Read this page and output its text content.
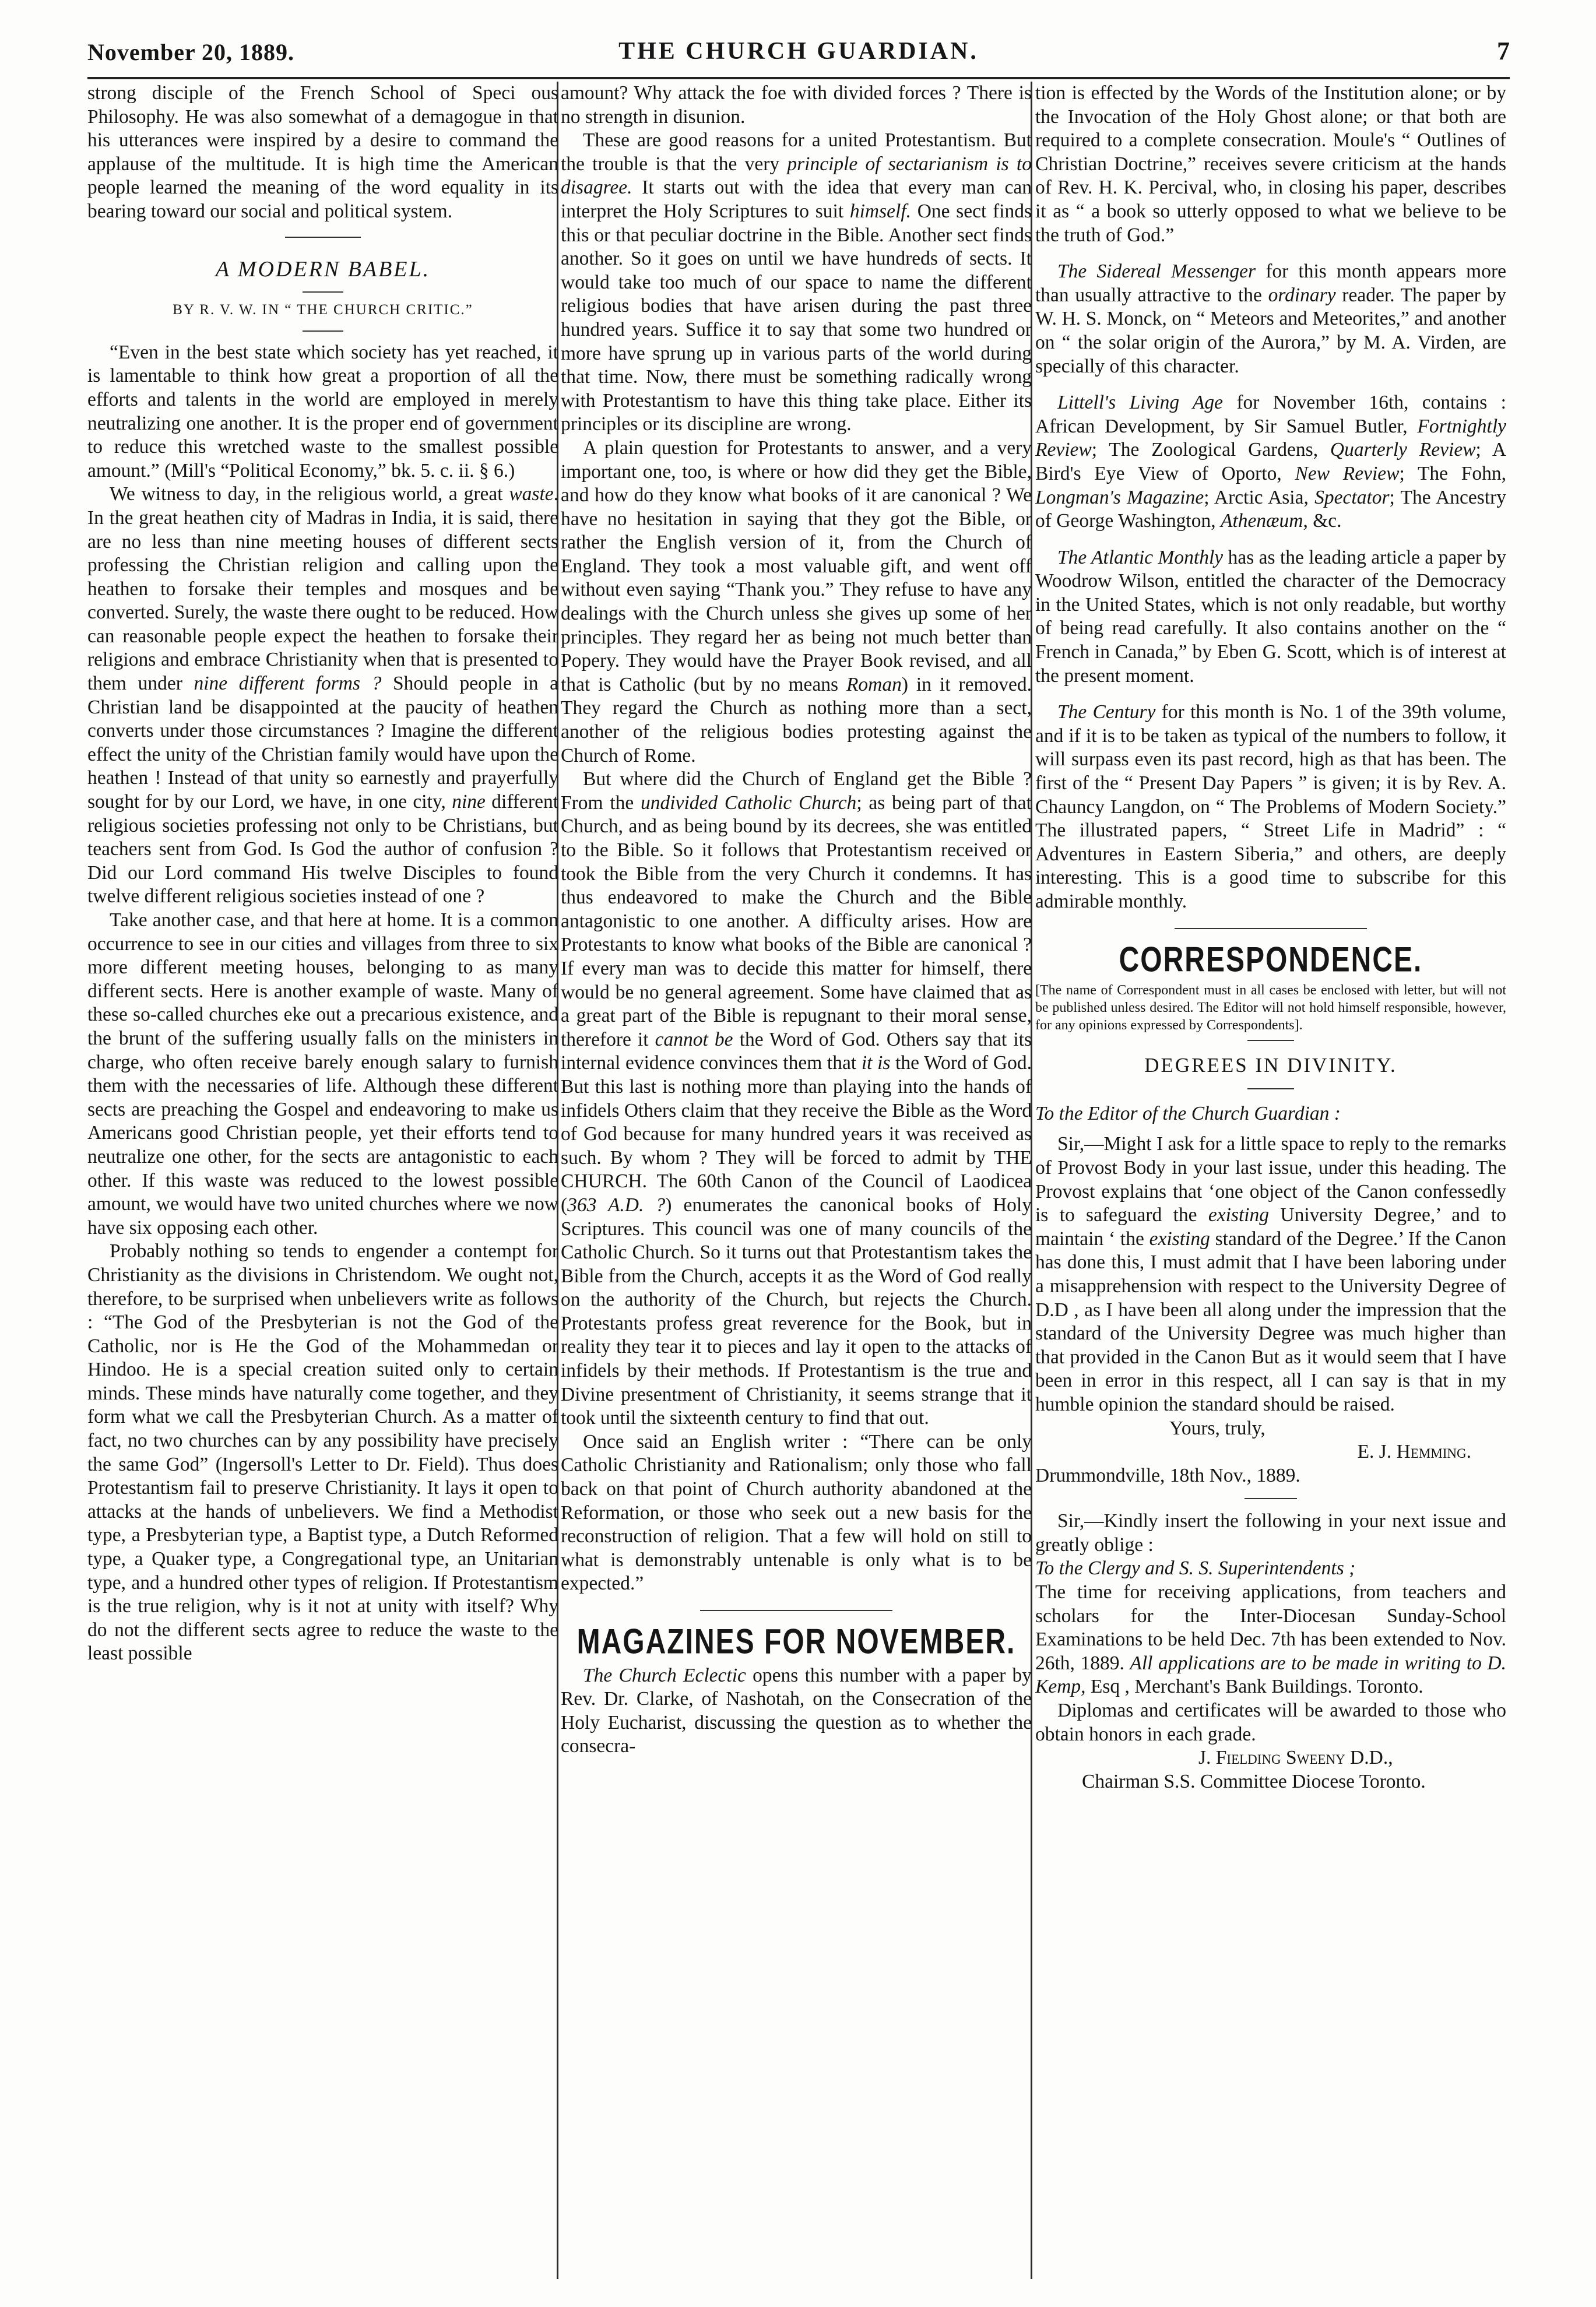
November 20, 1889.	THE CHURCH GUARDIAN.	7

strong disciple of the French School of Speci ous Philosophy. He was also somewhat of a demagogue in that his utterances were inspired by a desire to command the applause of the multitude. It is high time the American people learned the meaning of the word equality in its bearing toward our social and political system.

A MODERN BABEL.
BY R. V. W. IN “ THE CHURCH CRITIC.”

“Even in the best state which society has yet reached, it is lamentable to think how great a proportion of all the efforts and talents in the world are employed in merely neutralizing one another. It is the proper end of government to reduce this wretched waste to the smallest possible amount.” (Mill's “Political Economy,” bk. 5. c. ii. § 6.)

We witness to day, in the religious world, a great waste. In the great heathen city of Madras in India, it is said, there are no less than nine meeting houses of different sects professing the Christian religion and calling upon the heathen to forsake their temples and mosques and be converted. Surely, the waste there ought to be reduced. How can reasonable people expect the heathen to forsake their religions and embrace Christianity when that is presented to them under nine different forms ? Should people in a Christian land be disappointed at the paucity of heathen converts under those circumstances ? Imagine the different effect the unity of the Christian family would have upon the heathen ! Instead of that unity so earnestly and prayerfully sought for by our Lord, we have, in one city, nine different religious societies professing not only to be Christians, but teachers sent from God. Is God the author of confusion ? Did our Lord command His twelve Disciples to found twelve different religious societies instead of one ?

Take another case, and that here at home. It is a common occurrence to see in our cities and villages from three to six more different meeting houses, belonging to as many different sects. Here is another example of waste. Many of these so-called churches eke out a precarious existence, and the brunt of the suffering usually falls on the ministers in charge, who often receive barely enough salary to furnish them with the necessaries of life. Although these different sects are preaching the Gospel and endeavoring to make us Americans good Christian people, yet their efforts tend to neutralize one other, for the sects are antagonistic to each other. If this waste was reduced to the lowest possible amount, we would have two united churches where we now have six opposing each other.

Probably nothing so tends to engender a contempt for Christianity as the divisions in Christendom. We ought not, therefore, to be surprised when unbelievers write as follows : “The God of the Presbyterian is not the God of the Catholic, nor is He the God of the Mohammedan or Hindoo. He is a special creation suited only to certain minds. These minds have naturally come together, and they form what we call the Presbyterian Church. As a matter of fact, no two churches can by any possibility have precisely the same God” (Ingersoll's Letter to Dr. Field). Thus does Protestantism fail to preserve Christianity. It lays it open to attacks at the hands of unbelievers. We find a Methodist type, a Presbyterian type, a Baptist type, a Dutch Reformed type, a Quaker type, a Congregational type, an Unitarian type, and a hundred other types of religion. If Protestantism is the true religion, why is it not at unity with itself? Why do not the different sects agree to reduce the waste to the least possible

amount? Why attack the foe with divided forces ? There is no strength in disunion.

These are good reasons for a united Protestantism. But the trouble is that the very principle of sectarianism is to disagree. It starts out with the idea that every man can interpret the Holy Scriptures to suit himself. One sect finds this or that peculiar doctrine in the Bible. Another sect finds another. So it goes on until we have hundreds of sects. It would take too much of our space to name the different religious bodies that have arisen during the past three hundred years. Suffice it to say that some two hundred or more have sprung up in various parts of the world during that time. Now, there must be something radically wrong with Protestantism to have this thing take place. Either its principles or its discipline are wrong.

A plain question for Protestants to answer, and a very important one, too, is where or how did they get the Bible, and how do they know what books of it are canonical ? We have no hesitation in saying that they got the Bible, or rather the English version of it, from the Church of England. They took a most valuable gift, and went off without even saying “Thank you.” They refuse to have any dealings with the Church unless she gives up some of her principles. They regard her as being not much better than Popery. They would have the Prayer Book revised, and all that is Catholic (but by no means Roman) in it removed. They regard the Church as nothing more than a sect, another of the religious bodies protesting against the Church of Rome.

But where did the Church of England get the Bible ? From the undivided Catholic Church; as being part of that Church, and as being bound by its decrees, she was entitled to the Bible. So it follows that Protestantism received or took the Bible from the very Church it condemns. It has thus endeavored to make the Church and the Bible antagonistic to one another. A difficulty arises. How are Protestants to know what books of the Bible are canonical ? If every man was to decide this matter for himself, there would be no general agreement. Some have claimed that as a great part of the Bible is repugnant to their moral sense, therefore it cannot be the Word of God. Others say that its internal evidence convinces them that it is the Word of God. But this last is nothing more than playing into the hands of infidels Others claim that they receive the Bible as the Word of God because for many hundred years it was received as such. By whom ? They will be forced to admit by THE CHURCH. The 60th Canon of the Council of Laodicea (363 A.D. ?) enumerates the canonical books of Holy Scriptures. This council was one of many councils of the Catholic Church. So it turns out that Protestantism takes the Bible from the Church, accepts it as the Word of God really on the authority of the Church, but rejects the Church. Protestants profess great reverence for the Book, but in reality they tear it to pieces and lay it open to the attacks of infidels by their methods. If Protestantism is the true and Divine presentment of Christianity, it seems strange that it took until the sixteenth century to find that out.

Once said an English writer : “There can be only Catholic Christianity and Rationalism; only those who fall back on that point of Church authority abandoned at the Reformation, or those who seek out a new basis for the reconstruction of religion. That a few will hold on still to what is demonstrably untenable is only what is to be expected.”

MAGAZINES FOR NOVEMBER.

The Church Eclectic opens this number with a paper by Rev. Dr. Clarke, of Nashotah, on the Consecration of the Holy Eucharist, discussing the question as to whether the consecra-

tion is effected by the Words of the Institution alone; or by the Invocation of the Holy Ghost alone; or that both are required to a complete consecration. Moule's “ Outlines of Christian Doctrine,” receives severe criticism at the hands of Rev. H. K. Percival, who, in closing his paper, describes it as “ a book so utterly opposed to what we believe to be the truth of God.”

The Sidereal Messenger for this month appears more than usually attractive to the ordinary reader. The paper by W. H. S. Monck, on “ Meteors and Meteorites,” and another on “ the solar origin of the Aurora,” by M. A. Virden, are specially of this character.

Littell's Living Age for November 16th, contains : African Development, by Sir Samuel Butler, Fortnightly Review; The Zoological Gardens, Quarterly Review; A Bird's Eye View of Oporto, New Review; The Fohn, Longman's Magazine; Arctic Asia, Spectator; The Ancestry of George Washington, Athenæum, &c.

The Atlantic Monthly has as the leading article a paper by Woodrow Wilson, entitled the character of the Democracy in the United States, which is not only readable, but worthy of being read carefully. It also contains another on the “ French in Canada,” by Eben G. Scott, which is of interest at the present moment.

The Century for this month is No. 1 of the 39th volume, and if it is to be taken as typical of the numbers to follow, it will surpass even its past record, high as that has been. The first of the “ Present Day Papers ” is given; it is by Rev. A. Chauncy Langdon, on “ The Problems of Modern Society.” The illustrated papers, “ Street Life in Madrid” : “ Adventures in Eastern Siberia,” and others, are deeply interesting. This is a good time to subscribe for this admirable monthly.

CORRESPONDENCE.

[The name of Correspondent must in all cases be enclosed with letter, but will not be published unless desired. The Editor will not hold himself responsible, however, for any opinions expressed by Correspondents].

DEGREES IN DIVINITY.

To the Editor of the Church Guardian :

Sir,—Might I ask for a little space to reply to the remarks of Provost Body in your last issue, under this heading. The Provost explains that ‘one object of the Canon confessedly is to safeguard the existing University Degree,’ and to maintain ‘ the existing standard of the Degree.’ If the Canon has done this, I must admit that I have been laboring under a misapprehension with respect to the University Degree of D.D , as I have been all along under the impression that the standard of the University Degree was much higher than that provided in the Canon But as it would seem that I have been in error in this respect, all I can say is that in my humble opinion the standard should be raised.

Yours, truly,

E. J. Hemming.

Drummondville, 18th Nov., 1889.

Sir,—Kindly insert the following in your next issue and greatly oblige :

To the Clergy and S. S. Superintendents ;

The time for receiving applications, from teachers and scholars for the Inter-Diocesan Sunday-School Examinations to be held Dec. 7th has been extended to Nov. 26th, 1889. All applications are to be made in writing to D. Kemp, Esq , Merchant's Bank Buildings. Toronto.

Diplomas and certificates will be awarded to those who obtain honors in each grade.

J. Fielding Sweeny D.D.,

Chairman S.S. Committee Diocese Toronto.
